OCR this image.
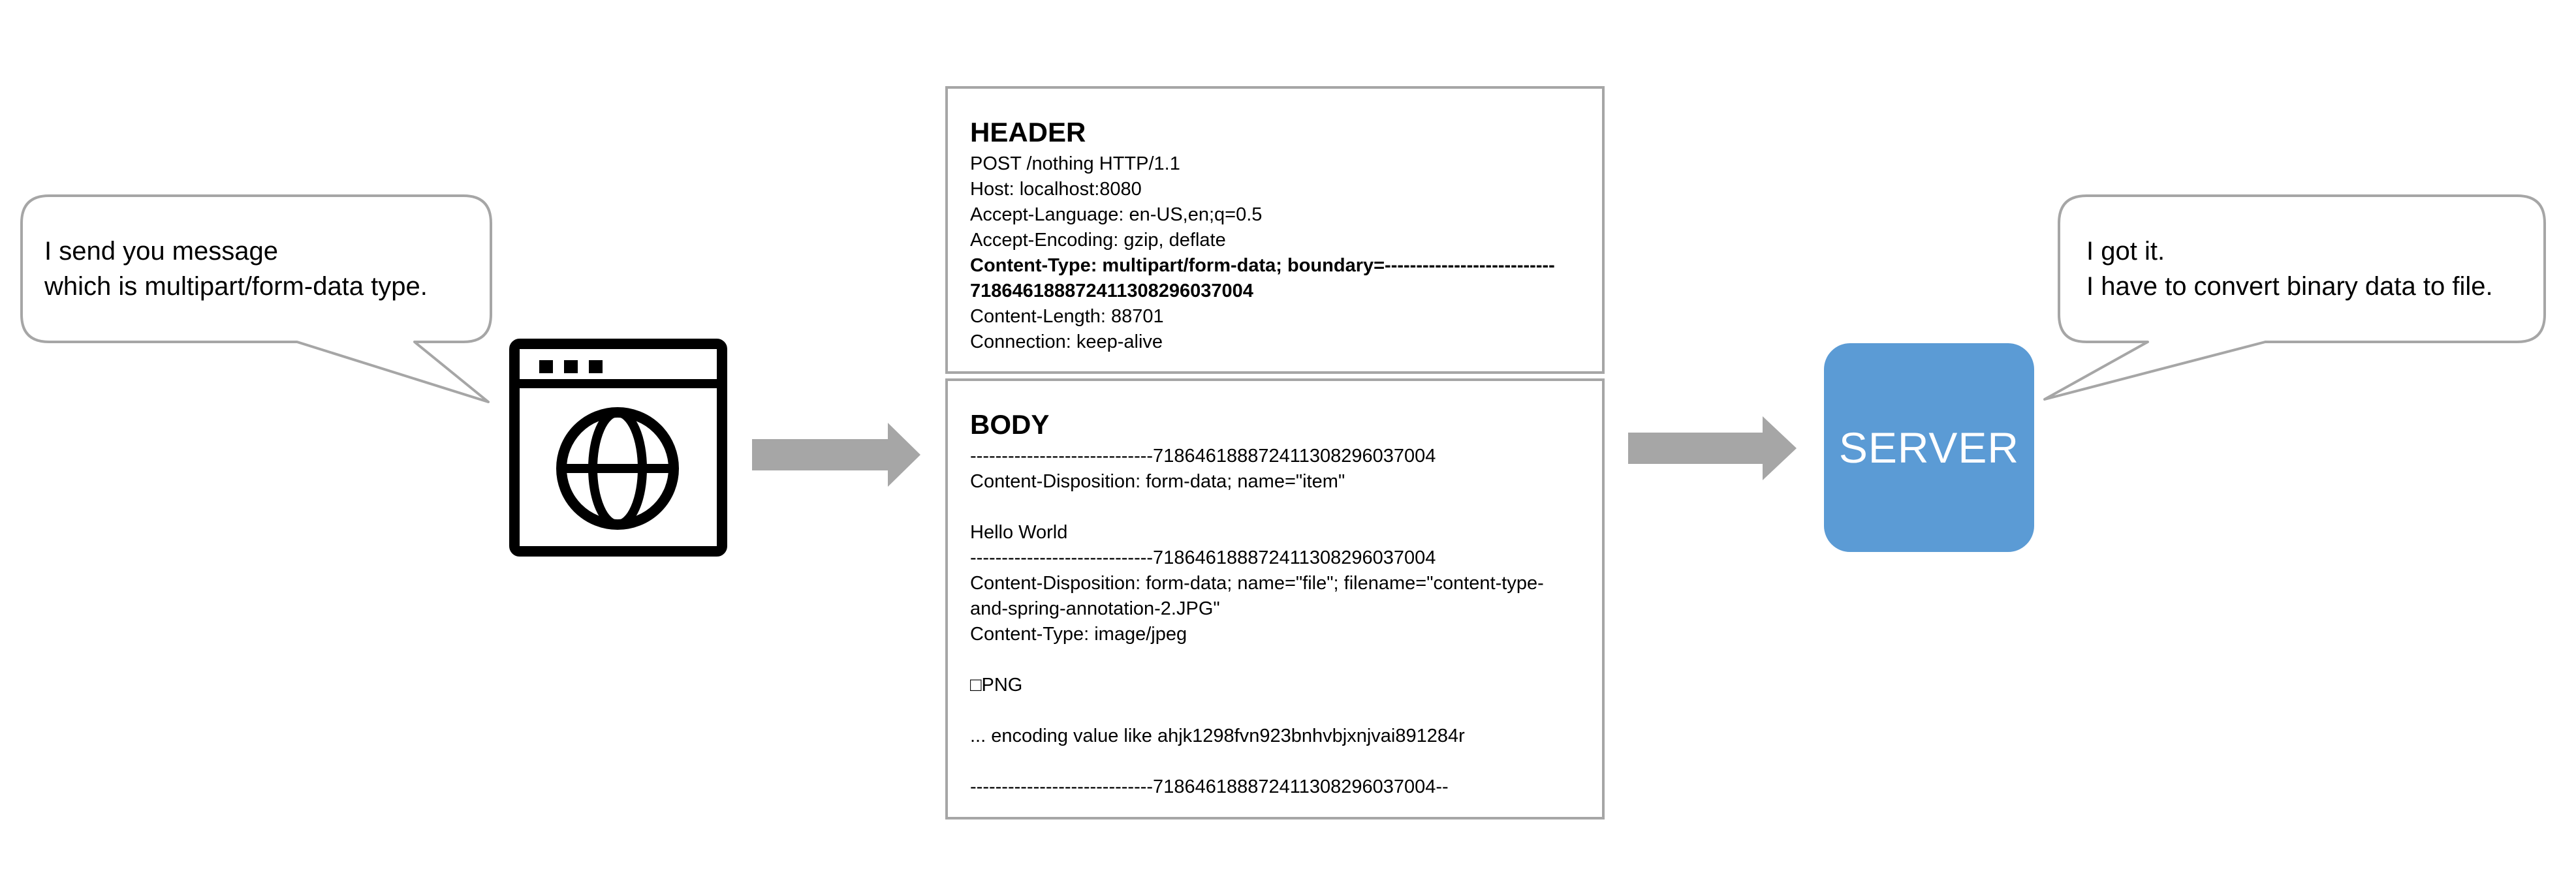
I send you message
which is multipart/form-data type.
I got it.
I have to convert binary data to file.
HEADER
POST /nothing HTTP/1.1
Host: localhost:8080
Accept-Language: en-US,en;q=0.5
Accept-Encoding: gzip, deflate
Content-Type: multipart/form-data; boundary=---------------------------
718646188872411308296037004
Content-Length: 88701
Connection: keep-alive
BODY
-----------------------------718646188872411308296037004
Content-Disposition: form-data; name="item"
Hello World
-----------------------------718646188872411308296037004
Content-Disposition: form-data; name="file"; filename="content-type-
and-spring-annotation-2.JPG"
Content-Type: image/jpeg
□PNG
... encoding value like ahjk1298fvn923bnhvbjxnjvai891284r
-----------------------------718646188872411308296037004--
SERVER
